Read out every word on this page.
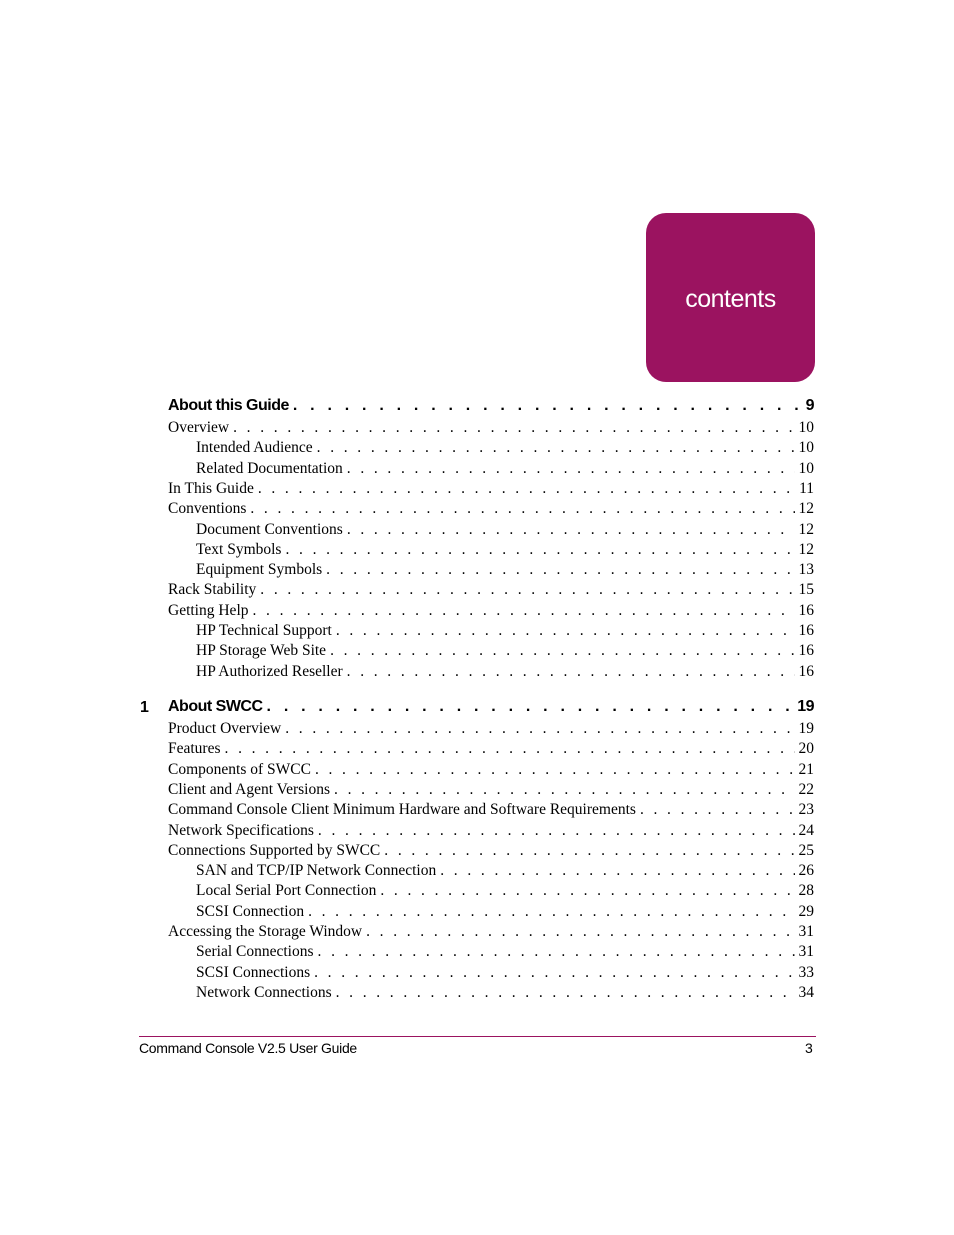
contents
About this Guide . . .	9
Overview . . .	10
Intended Audience . . .	10
Related Documentation . . .	10
In This Guide . . .	11
Conventions . . .	12
Document Conventions . . .	12
Text Symbols . . .	12
Equipment Symbols . . .	13
Rack Stability . . .	15
Getting Help . . .	16
HP Technical Support . . .	16
HP Storage Web Site . . .	16
HP Authorized Reseller . . .	16
1 About SWCC . . .	19
Product Overview . . .	19
Features . . .	20
Components of SWCC . . .	21
Client and Agent Versions . . .	22
Command Console Client Minimum Hardware and Software Requirements . . .	23
Network Specifications . . .	24
Connections Supported by SWCC . . .	25
SAN and TCP/IP Network Connection . . .	26
Local Serial Port Connection . . .	28
SCSI Connection . . .	29
Accessing the Storage Window . . .	31
Serial Connections . . .	31
SCSI Connections . . .	33
Network Connections . . .	34
Command Console V2.5 User Guide	3
